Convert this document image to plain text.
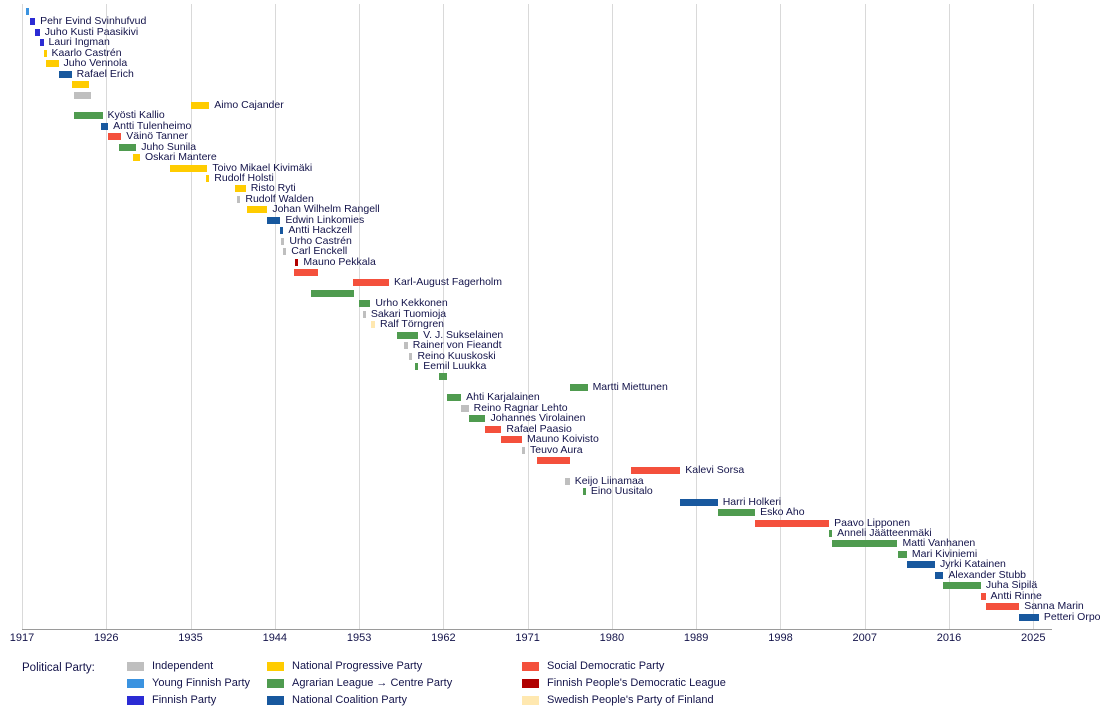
Pehr Evind Svinhufvud
Juho Kusti Paasikivi
Lauri Ingman
Kaarlo Castrén
Juho Vennola
Rafael Erich
Aimo Cajander
Kyösti Kallio
Antti Tulenheimo
Väinö Tanner
Juho Sunila
Oskari Mantere
Toivo Mikael Kivimäki
Rudolf Holsti
Risto Ryti
Rudolf Walden
Johan Wilhelm Rangell
Edwin Linkomies
Antti Hackzell
Urho Castrén
Carl Enckell
Mauno Pekkala
Karl-August Fagerholm
Urho Kekkonen
Sakari Tuomioja
Ralf Törngren
V. J. Sukselainen
Rainer von Fieandt
Reino Kuuskoski
Eemil Luukka
Martti Miettunen
Ahti Karjalainen
Reino Ragnar Lehto
Johannes Virolainen
Rafael Paasio
Mauno Koivisto
Teuvo Aura
Kalevi Sorsa
Keijo Liinamaa
Eino Uusitalo
Harri Holkeri
Esko Aho
Paavo Lipponen
Anneli Jäätteenmäki
Matti Vanhanen
Mari Kiviniemi
Jyrki Katainen
Alexander Stubb
Juha Sipilä
Antti Rinne
Sanna Marin
Petteri Orpo
1917	1926	1935	1944	1953	1962	1971	1980	1989	1998	2007	2016	2025
Political Party:	Independent
Young Finnish Party
Finnish Party
National Progressive Party
Agrarian League → Centre Party
National Coalition Party
Social Democratic Party
Finnish People's Democratic League
Swedish People's Party of Finland
